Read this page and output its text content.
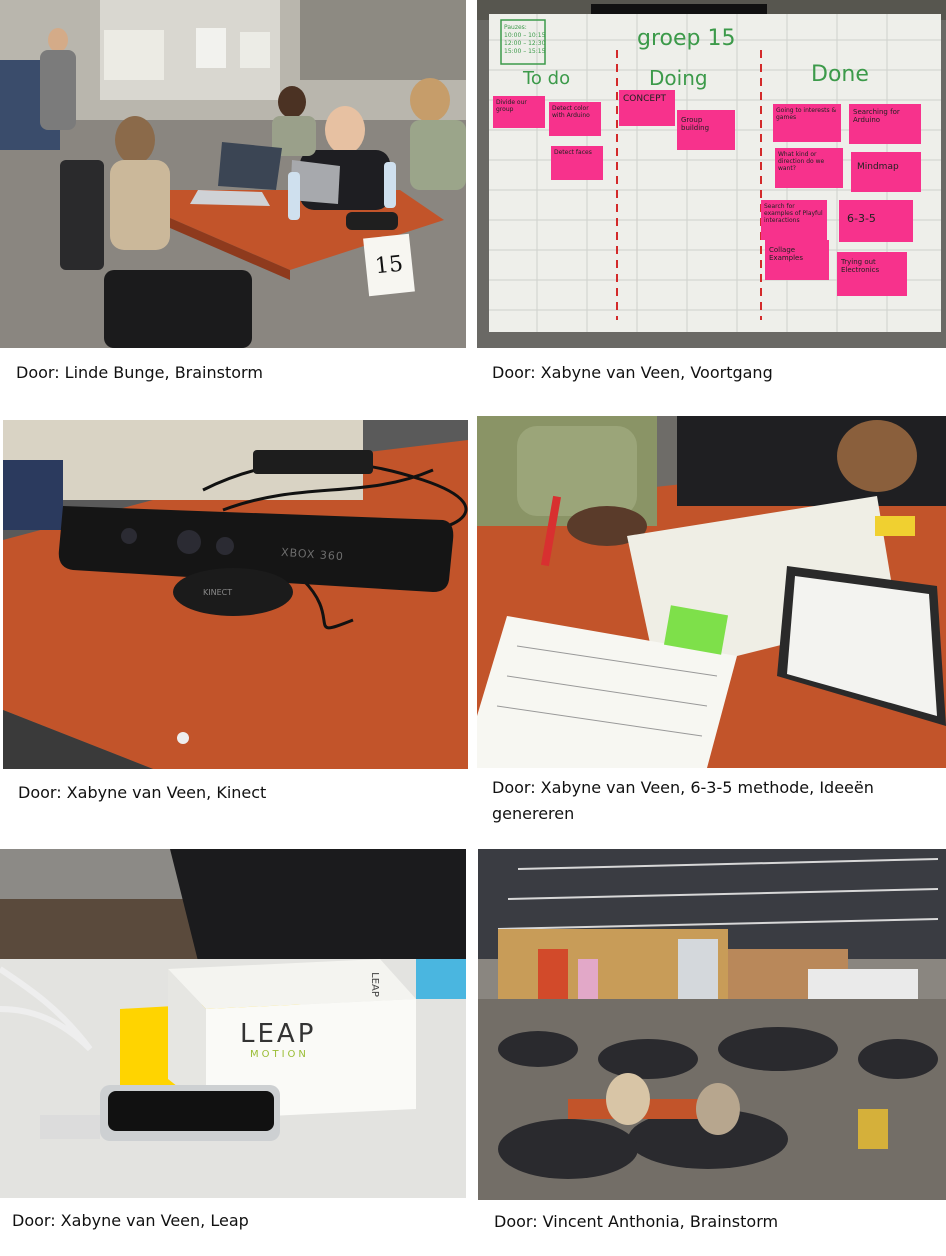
15
Door: Linde Bunge, Brainstorm
groep 15
Pauzes:
10:00 – 10:15
12:00 – 12:30
15:00 – 15:15
To do	Doing	Done
Divide our group	Detect color with Arduino
Detect faces
CONCEPT
Group building
Going to interests & games
Searching for Arduino
What kind or direction do we want?	Mindmap
Search for examples of Playful interactions	6-3-5
Collage Examples	Trying out Electronics
Door: Xabyne van Veen, Voortgang
XBOX 360
KINECT
Door: Xabyne van Veen, Kinect	Door: Xabyne van Veen, 6-3-5 methode, Ideeën genereren
LEAP
MOTION
LEAP
Door: Xabyne van Veen, Leap	Door: Vincent Anthonia, Brainstorm
